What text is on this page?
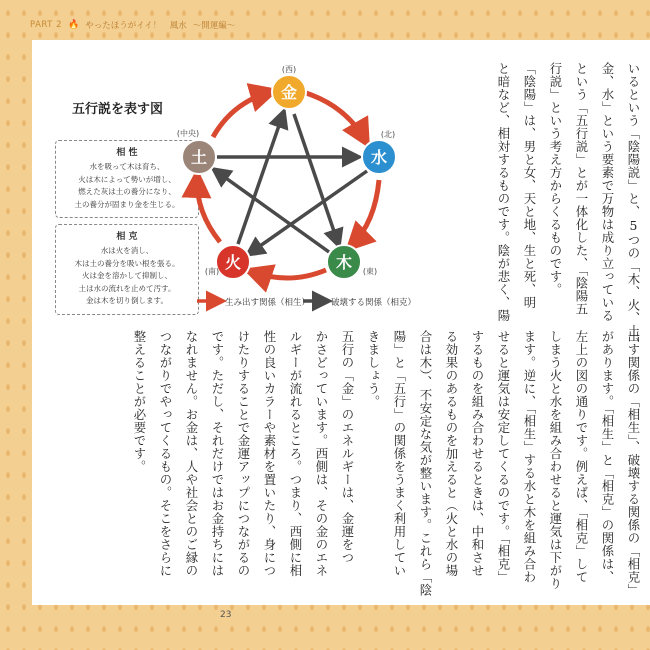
PART 2 🔥 やったほうがイイ！　風水 〜開運編〜
23
五行説を表す図
相 性
水を吸って木は育ち、
火は木によって勢いが増し、
燃えた灰は土の養分になり、
土の養分が固まり金を生じる。
相 克
水は火を消し、
木は土の養分を吸い根を張る。
火は金を溶かして抑制し、
土は水の流れを止めて汚す。
金は木を切り倒します。
金
(西)
水
(北)
木 (東)
火
(南)
土
(中央)
生み出す関係（相生） 破壊する関係（相克）	いるという「陰陽説」と、5つの「木、火、土、
金、水」という要素で万物は成り立っている
という「五行説」とが一体化した、「陰陽五
行説」という考え方からくるものです。
「陰陽」は、男と女、天と地、生と死、明
と暗など、相対するものです。陰が悲く、陽
出す関係の「相生」、破壊する関係の「相克」
があります。「相生」と「相克」の関係は、
左上の図の通りです。例えば、「相克」して
しまう火と水を組み合わせると運気は下がり
ます。逆に、「相生」する水と木を組み合わ
せると運気は安定してくるのです。「相克」
するものを組み合わせるときは、中和させ
る効果のあるものを加えると（火と水の場
合は木）、不安定な気が整います。これら「陰
陽」と「五行」の関係をうまく利用してい
きましょう。
五行の「金」のエネルギーは、金運をつ
かさどっています。西側は、その金のエネ
ルギーが流れるところ。つまり、西側に相
性の良いカラーや素材を置いたり、身につ
けたりすることで金運アップにつながるの
です。ただし、それだけではお金持ちには
なれません。お金は、人や社会とのご縁の
つながりでやってくるもの。そこをさらに
整えることが必要です。
